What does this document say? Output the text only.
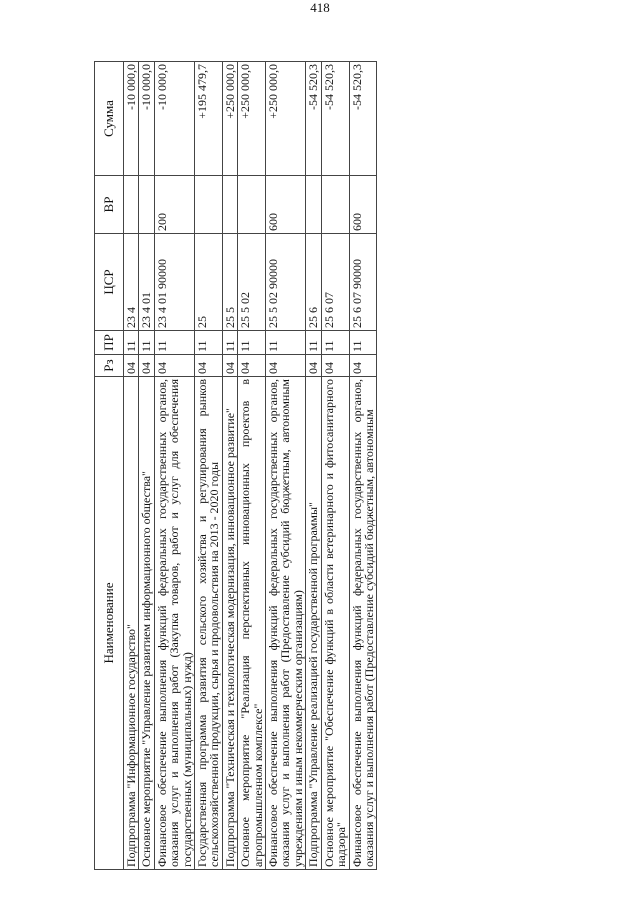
418
Наименование	Рз	ПР	ЦСР	ВР	Сумма
Подпрограмма "Информационное государство"	04	11	23 4		-10 000,0
Основное мероприятие "Управление развитием информационного общества"	04	11	23 4 01		-10 000,0
Финансовое обеспечение выполнения функций федеральных государственных органов, оказания услуг и выполнения работ (Закупка товаров, работ и услуг для обеспечения государственных (муниципальных) нужд)	04	11	23 4 01 90000	200	-10 000,0
Государственная программа развития сельского хозяйства и регулирования рынков сельскохозяйственной продукции, сырья и продовольствия на 2013 - 2020 годы	04	11	25		+195 479,7
Подпрограмма "Техническая и технологическая модернизация, инновационное развитие"	04	11	25 5		+250 000,0
Основное мероприятие "Реализация перспективных инновационных проектов в агропромышленном комплексе"	04	11	25 5 02		+250 000,0
Финансовое обеспечение выполнения функций федеральных государственных органов, оказания услуг и выполнения работ (Предоставление субсидий бюджетным, автономным учреждениям и иным некоммерческим организациям)	04	11	25 5 02 90000	600	+250 000,0
Подпрограмма "Управление реализацией государственной программы"	04	11	25 6		-54 520,3
Основное мероприятие "Обеспечение функций в области ветеринарного и фитосанитарного надзора"	04	11	25 6 07		-54 520,3
Финансовое обеспечение выполнения функций федеральных государственных органов, оказания услуг и выполнения работ (Предоставление субсидий бюджетным, автономным	04	11	25 6 07 90000	600	-54 520,3
